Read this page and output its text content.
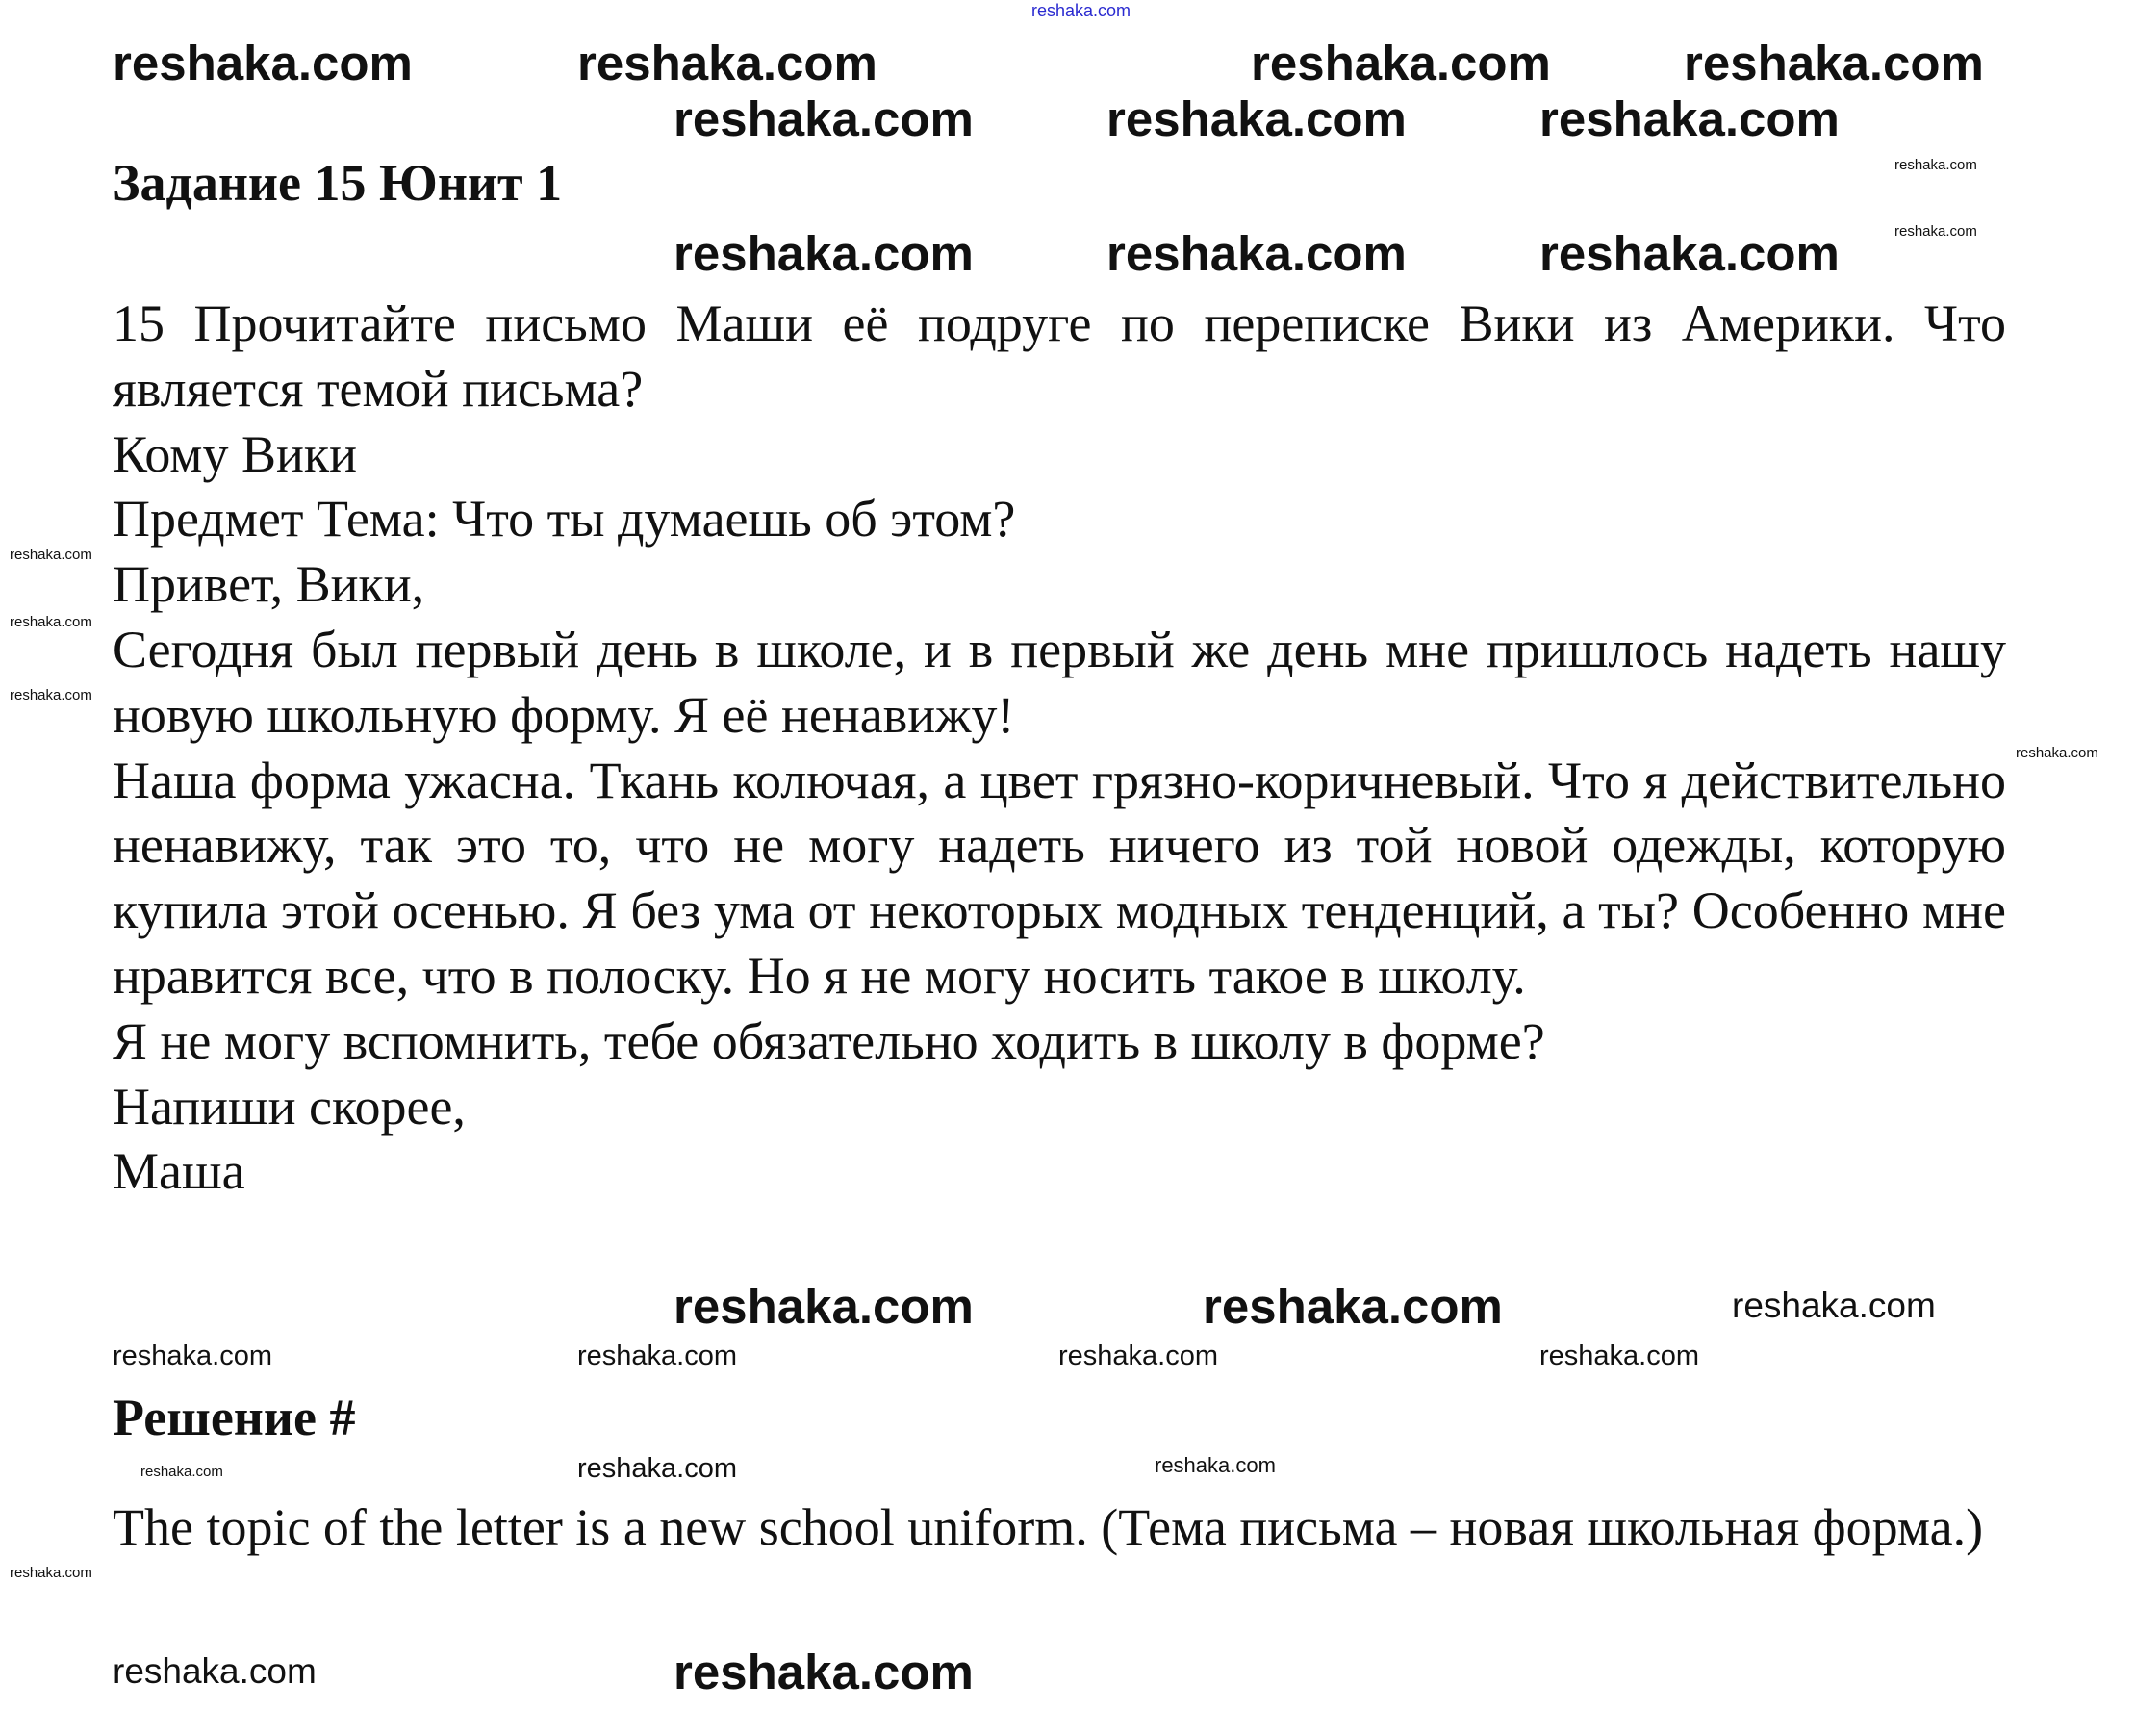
reshaka.com
Задание 15 Юнит 1

15 Прочитайте письмо Маши её подруге по переписке Вики из Америки. Что является темой письма?

Кому Вики

Предмет Тема: Что ты думаешь об этом?

Привет, Вики,

Сегодня был первый день в школе, и в первый же день мне пришлось надеть нашу новую школьную форму. Я её ненавижу!

Наша форма ужасна. Ткань колючая, а цвет грязно-коричневый. Что я действительно ненавижу, так это то, что не могу надеть ничего из той новой одежды, которую купила этой осенью. Я без ума от некоторых модных тенденций, а ты? Особенно мне нравится все, что в полоску. Но я не могу носить такое в школу.

Я не могу вспомнить, тебе обязательно ходить в школу в форме?

Напиши скорее,

Маша

Решение #

The topic of the letter is a new school uniform. (Тема письма – новая школьная форма.)

reshaka.com	reshaka.com	reshaka.com	reshaka.com
reshaka.com	reshaka.com	reshaka.com
reshaka.com
reshaka.com
reshaka.com	reshaka.com	reshaka.com
reshaka.com
reshaka.com
reshaka.com
reshaka.com
reshaka.com	reshaka.com	reshaka.com
reshaka.com	reshaka.com	reshaka.com	reshaka.com
reshaka.com	reshaka.com
reshaka.com
reshaka.com
reshaka.com	reshaka.com
